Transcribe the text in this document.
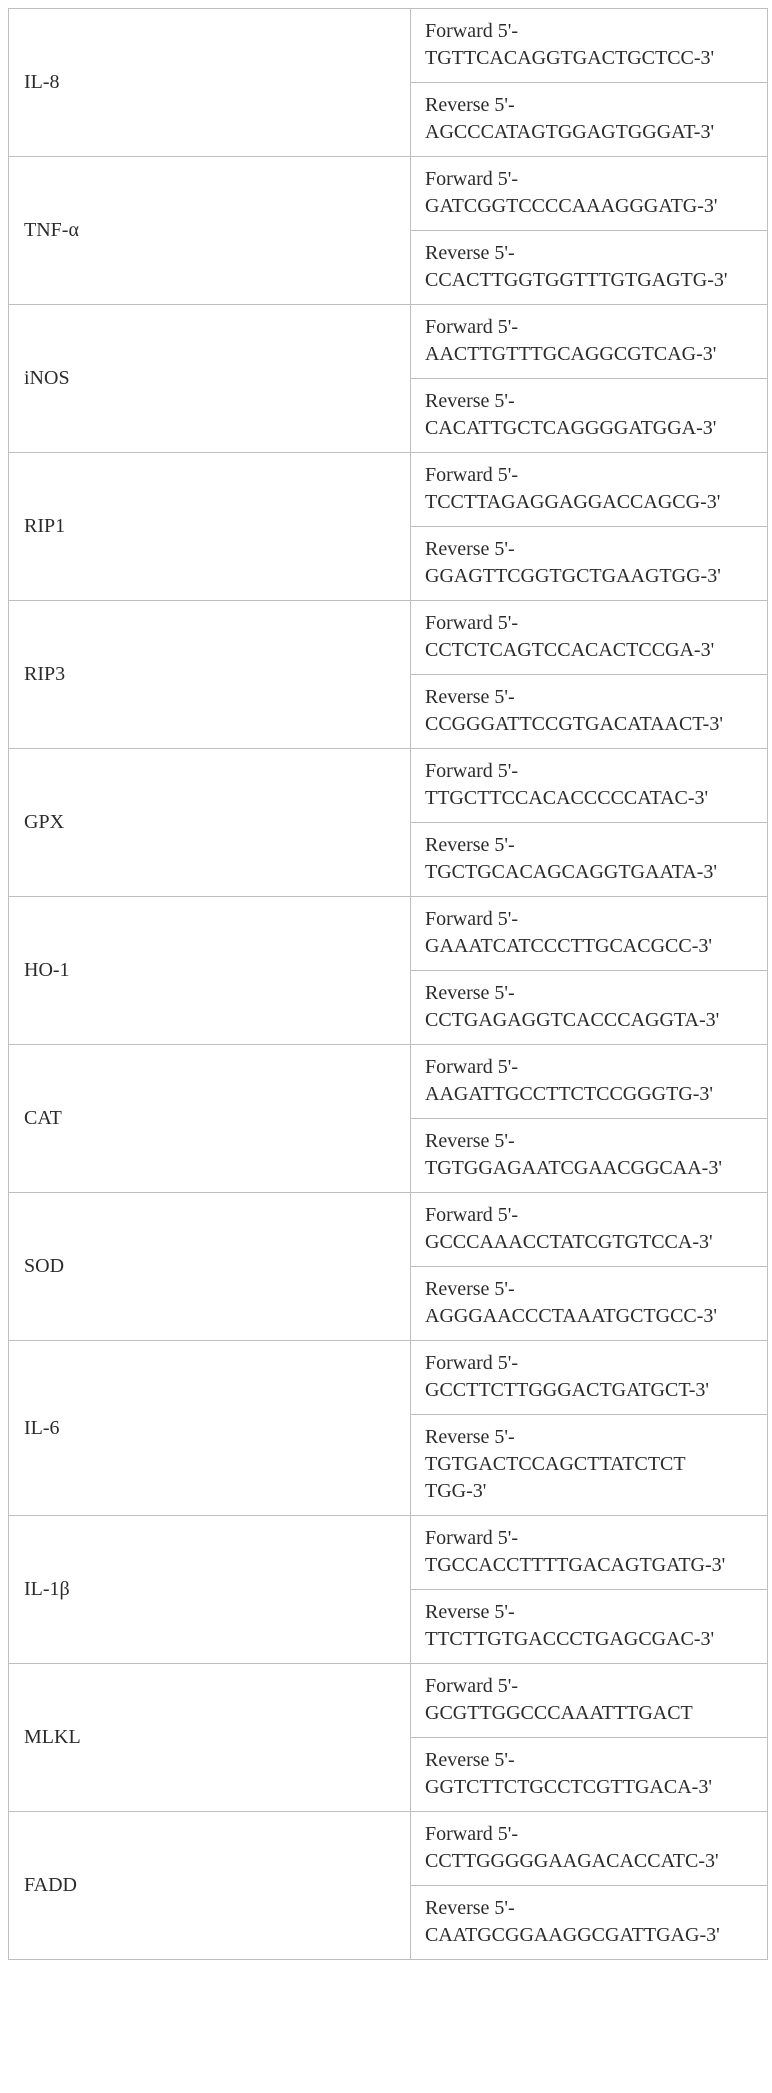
IL-8	Forward 5'-
TGTTCACAGGTGACTGCTCC-3'

	Reverse 5'-
AGCCCATAGTGGAGTGGGAT-3'

TNF-α	Forward 5'-
GATCGGTCCCCAAAGGGATG-3'

	Reverse 5'-
CCACTTGGTGGTTTGTGAGTG-3'

iNOS	Forward 5'-
AACTTGTTTGCAGGCGTCAG-3'

	Reverse 5'-
CACATTGCTCAGGGGATGGA-3'

RIP1	Forward 5'-
TCCTTAGAGGAGGACCAGCG-3'

	Reverse 5'-
GGAGTTCGGTGCTGAAGTGG-3'

RIP3	Forward 5'-
CCTCTCAGTCCACACTCCGA-3'

	Reverse 5'-
CCGGGATTCCGTGACATAACT-3'

GPX	Forward 5'-
TTGCTTCCACACCCCCATAC-3'

	Reverse 5'-
TGCTGCACAGCAGGTGAATA-3'

HO-1	Forward 5'-
GAAATCATCCCTTGCACGCC-3'

	Reverse 5'-
CCTGAGAGGTCACCCAGGTA-3'

CAT	Forward 5'-
AAGATTGCCTTCTCCGGGTG-3'

	Reverse 5'-
TGTGGAGAATCGAACGGCAA-3'

SOD	Forward 5'-
GCCCAAACCTATCGTGTCCA-3'

	Reverse 5'-
AGGGAACCCTAAATGCTGCC-3'

IL-6	Forward 5'-
GCCTTCTTGGGACTGATGCT-3'

	Reverse 5'-
TGTGACTCCAGCTTATCTCT
TGG-3'

IL-1β	Forward 5'-
TGCCACCTTTTGACAGTGATG-3'

	Reverse 5'-
TTCTTGTGACCCTGAGCGAC-3'

MLKL	Forward 5'-
GCGTTGGCCCAAATTTGACT

	Reverse 5'-
GGTCTTCTGCCTCGTTGACA-3'

FADD	Forward 5'-
CCTTGGGGGAAGACACCATC-3'

	Reverse 5'-
CAATGCGGAAGGCGATTGAG-3'
